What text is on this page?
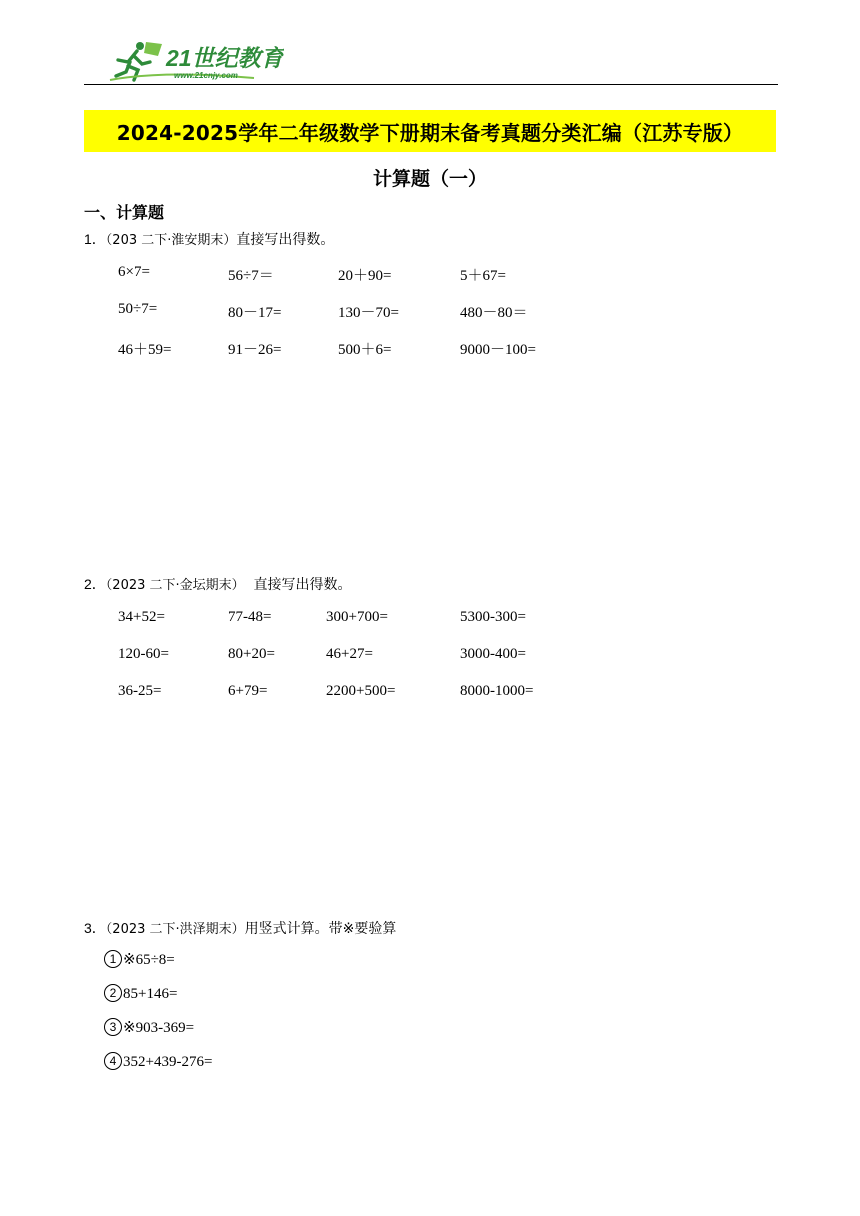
21世纪教育
www.21cnjy.com
2024-2025学年二年级数学下册期末备考真题分类汇编（江苏专版）
计算题（一）
一、计算题
1．（203 二下·淮安期末）直接写出得数。
6×7=	56÷7＝	20＋90=	5＋67=
50÷7=	80－17=	130－70=	480－80＝
46＋59=	91－26=	500＋6=	9000－100=
2．（2023 二下·金坛期末）  直接写出得数。
34+52=	77-48=	300+700=	5300-300=
120-60=	80+20=	46+27=	3000-400=
36-25=	6+79=	2200+500=	8000-1000=
3．（2023 二下·洪泽期末）用竖式计算。带※要验算
1 ※65÷8=
2 85+146=
3 ※903-369=
4 352+439-276=
